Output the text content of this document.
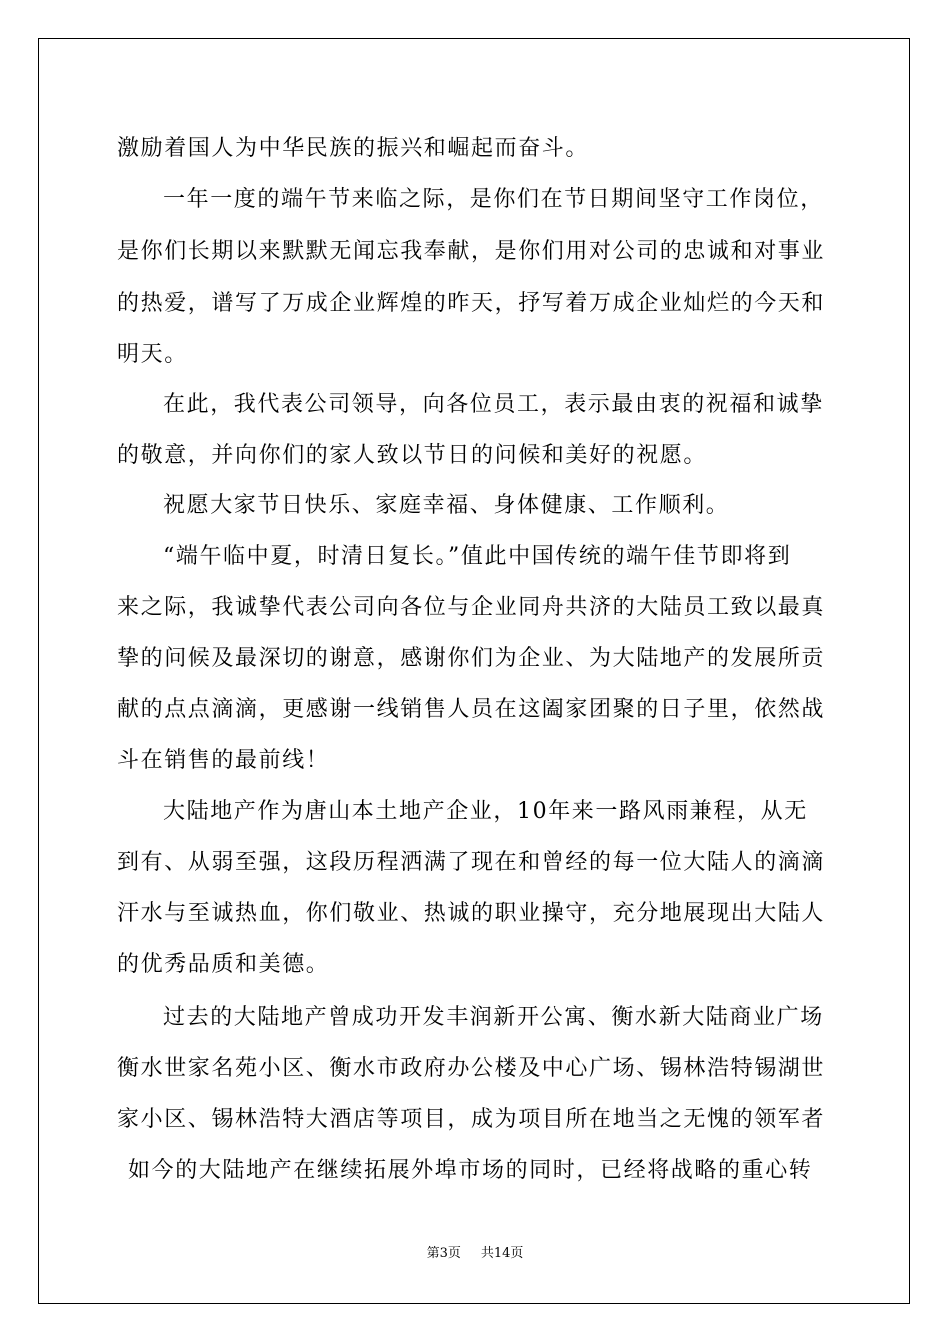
激励着国人为中华民族的振兴和崛起而奋斗。
一年一度的端午节来临之际，是你们在节日期间坚守工作岗位，
是你们长期以来默默无闻忘我奉献，是你们用对公司的忠诚和对事业
的热爱，谱写了万成企业辉煌的昨天，抒写着万成企业灿烂的今天和
明天。
在此，我代表公司领导，向各位员工，表示最由衷的祝福和诚挚
的敬意，并向你们的家人致以节日的问候和美好的祝愿。
祝愿大家节日快乐、家庭幸福、身体健康、工作顺利。
“端午临中夏，时清日复长。”值此中国传统的端午佳节即将到
来之际，我诚挚代表公司向各位与企业同舟共济的大陆员工致以最真
挚的问候及最深切的谢意，感谢你们为企业、为大陆地产的发展所贡
献的点点滴滴，更感谢一线销售人员在这阖家团聚的日子里，依然战
斗在销售的最前线！
大陆地产作为唐山本土地产企业，10年来一路风雨兼程，从无
到有、从弱至强，这段历程洒满了现在和曾经的每一位大陆人的滴滴
汗水与至诚热血，你们敬业、热诚的职业操守，充分地展现出大陆人
的优秀品质和美德。
过去的大陆地产曾成功开发丰润新开公寓、衡水新大陆商业广场
衡水世家名苑小区、衡水市政府办公楼及中心广场、锡林浩特锡湖世
家小区、锡林浩特大酒店等项目，成为项目所在地当之无愧的领军者
如今的大陆地产在继续拓展外埠市场的同时，已经将战略的重心转
第3页 共14页
